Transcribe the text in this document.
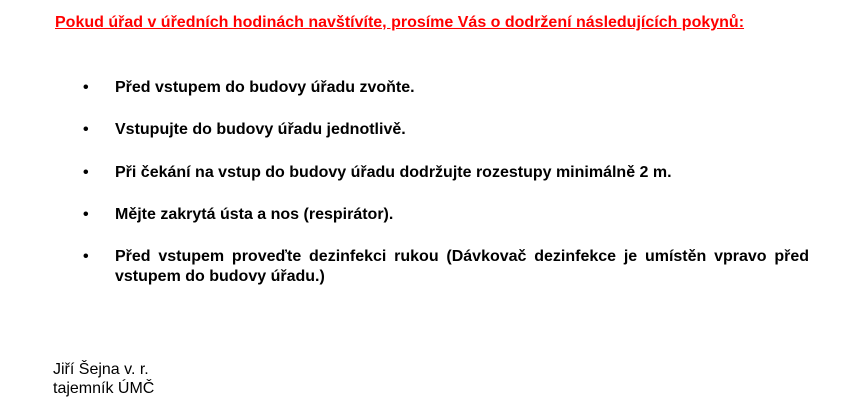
Pokud úřad v úředních hodinách navštívíte, prosíme Vás o dodržení následujících pokynů:
• Před vstupem do budovy úřadu zvoňte.
• Vstupujte do budovy úřadu jednotlivě.
• Při čekání na vstup do budovy úřadu dodržujte rozestupy minimálně 2 m.
• Mějte zakrytá ústa a nos (respirátor).
• Před vstupem proveďte dezinfekci rukou (Dávkovač dezinfekce je umístěn vpravo před vstupem do budovy úřadu.)
Jiří Šejna v. r.
tajemník ÚMČ
